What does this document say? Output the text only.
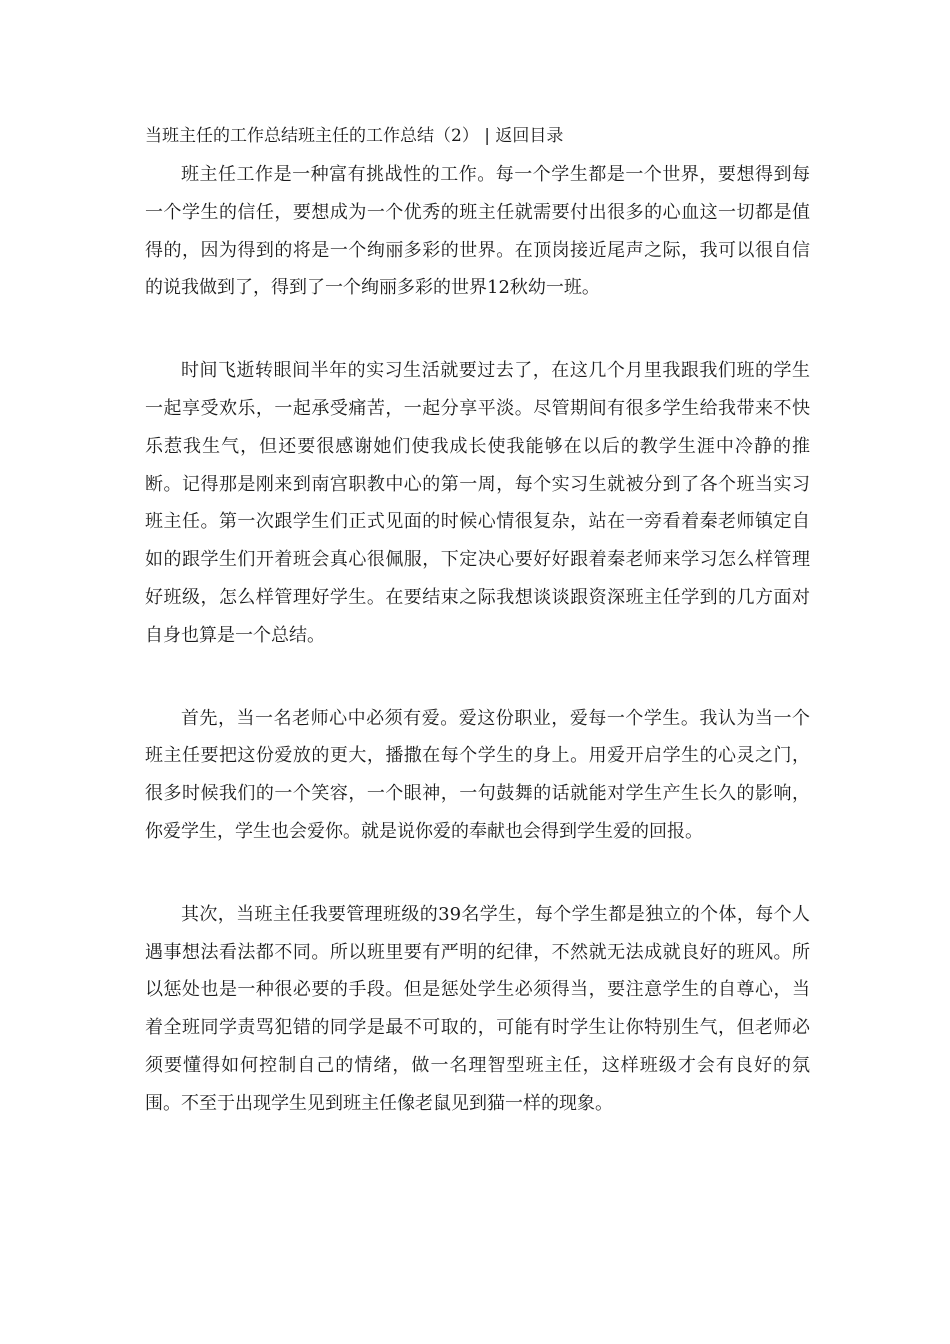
当班主任的工作总结班主任的工作总结（2） | 返回目录

班主任工作是一种富有挑战性的工作。每一个学生都是一个世界，要想得到每一个学生的信任，要想成为一个优秀的班主任就需要付出很多的心血这一切都是值得的，因为得到的将是一个绚丽多彩的世界。在顶岗接近尾声之际，我可以很自信的说我做到了，得到了一个绚丽多彩的世界12秋幼一班。

时间飞逝转眼间半年的实习生活就要过去了，在这几个月里我跟我们班的学生一起享受欢乐，一起承受痛苦，一起分享平淡。尽管期间有很多学生给我带来不快乐惹我生气，但还要很感谢她们使我成长使我能够在以后的教学生涯中冷静的推断。记得那是刚来到南宫职教中心的第一周，每个实习生就被分到了各个班当实习班主任。第一次跟学生们正式见面的时候心情很复杂，站在一旁看着秦老师镇定自如的跟学生们开着班会真心很佩服，下定决心要好好跟着秦老师来学习怎么样管理好班级，怎么样管理好学生。在要结束之际我想谈谈跟资深班主任学到的几方面对自身也算是一个总结。

首先，当一名老师心中必须有爱。爱这份职业，爱每一个学生。我认为当一个班主任要把这份爱放的更大，播撒在每个学生的身上。用爱开启学生的心灵之门，很多时候我们的一个笑容，一个眼神，一句鼓舞的话就能对学生产生长久的影响，你爱学生，学生也会爱你。就是说你爱的奉献也会得到学生爱的回报。

其次，当班主任我要管理班级的39名学生，每个学生都是独立的个体，每个人遇事想法看法都不同。所以班里要有严明的纪律，不然就无法成就良好的班风。所以惩处也是一种很必要的手段。但是惩处学生必须得当，要注意学生的自尊心，当着全班同学责骂犯错的同学是最不可取的，可能有时学生让你特别生气，但老师必须要懂得如何控制自己的情绪，做一名理智型班主任，这样班级才会有良好的氛围。不至于出现学生见到班主任像老鼠见到猫一样的现象。
